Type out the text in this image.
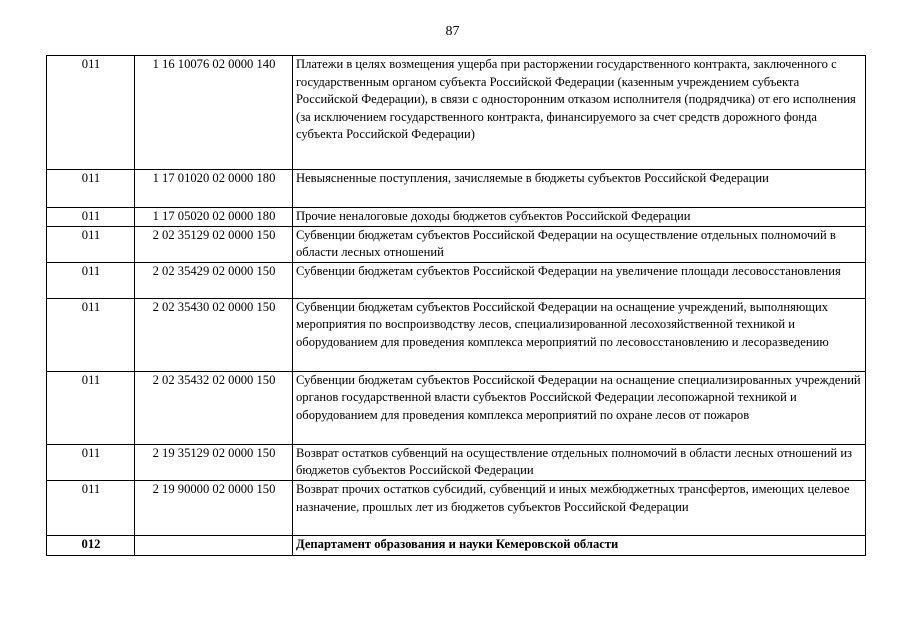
87
011	1 16 10076 02 0000 140	Платежи в целях возмещения ущерба при расторжении государственного контракта, заключенного с государственным органом субъекта Российской Федерации (казенным учреждением субъекта Российской Федерации), в связи с односторонним отказом исполнителя (подрядчика) от его исполнения (за исключением государственного контракта, финансируемого за счет средств дорожного фонда субъекта Российской Федерации)
011	1 17 01020 02 0000 180	Невыясненные поступления, зачисляемые в бюджеты субъектов Российской Федерации
011	1 17 05020 02 0000 180	Прочие неналоговые доходы бюджетов субъектов Российской Федерации
011	2 02 35129 02 0000 150	Субвенции бюджетам субъектов Российской Федерации на осуществление отдельных полномочий в области лесных отношений
011	2 02 35429 02 0000 150	Субвенции бюджетам субъектов Российской Федерации на увеличение площади лесовосстановления
011	2 02 35430 02 0000 150	Субвенции бюджетам субъектов Российской Федерации на оснащение учреждений, выполняющих мероприятия по воспроизводству лесов, специализированной лесохозяйственной техникой и оборудованием для проведения комплекса мероприятий по лесовосстановлению и лесоразведению
011	2 02 35432 02 0000 150	Субвенции бюджетам субъектов Российской Федерации на оснащение специализированных учреждений органов государственной власти субъектов Российской Федерации лесопожарной техникой и оборудованием для проведения комплекса мероприятий по охране лесов от пожаров
011	2 19 35129 02 0000 150	Возврат остатков субвенций на осуществление отдельных полномочий в области лесных отношений из бюджетов субъектов Российской Федерации
011	2 19 90000 02 0000 150	Возврат прочих остатков субсидий, субвенций и иных межбюджетных трансфертов, имеющих целевое назначение, прошлых лет из бюджетов субъектов Российской Федерации
012		Департамент образования и науки Кемеровской области
